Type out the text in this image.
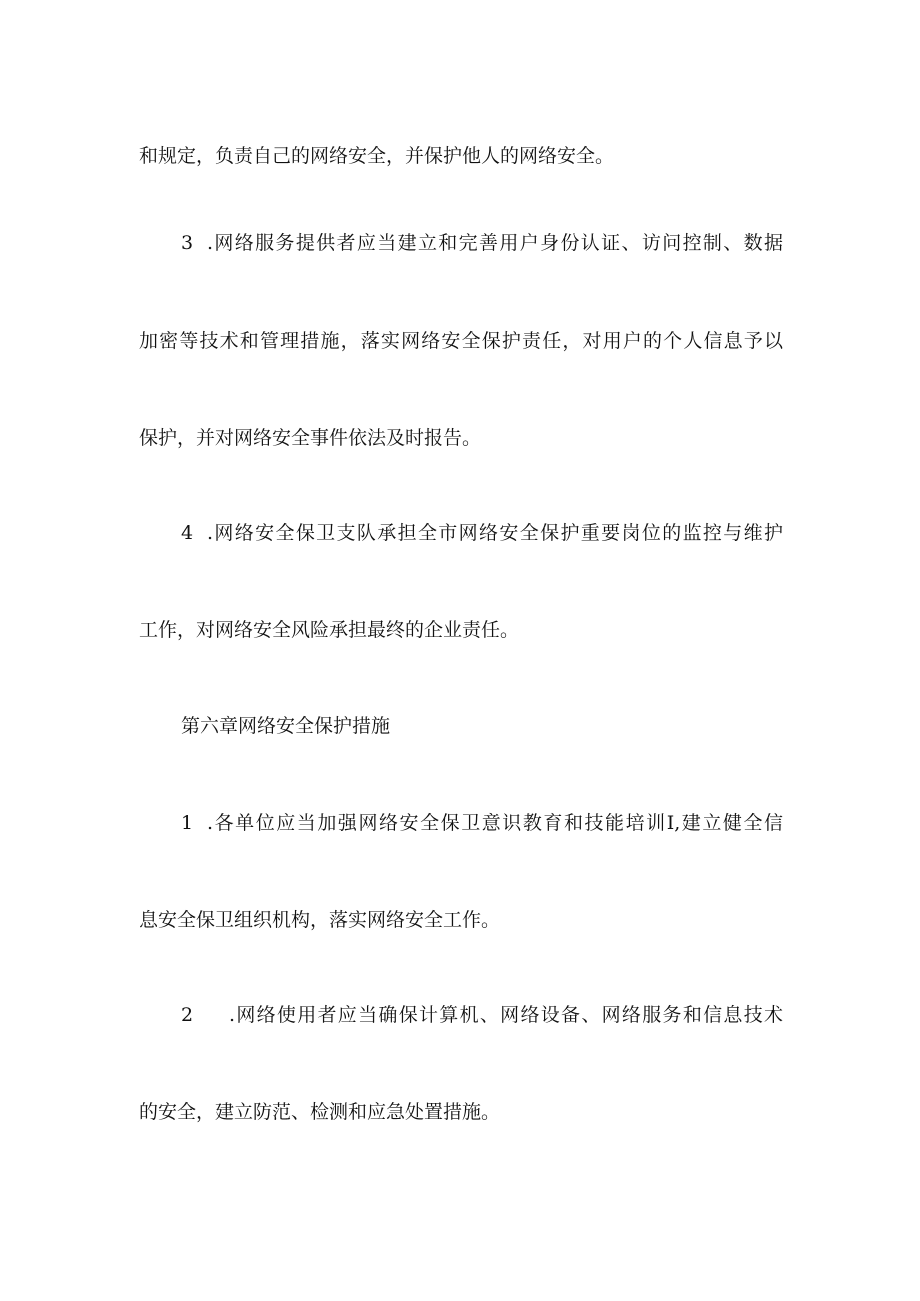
和规定，负责自己的网络安全，并保护他人的网络安全。
3 .网络服务提供者应当建立和完善用户身份认证、访问控制、数据
加密等技术和管理措施，落实网络安全保护责任，对用户的个人信息予以
保护，并对网络安全事件依法及时报告。
4 .网络安全保卫支队承担全市网络安全保护重要岗位的监控与维护
工作，对网络安全风险承担最终的企业责任。
第六章网络安全保护措施
1 .各单位应当加强网络安全保卫意识教育和技能培训I,建立健全信
息安全保卫组织机构，落实网络安全工作。
2 .网络使用者应当确保计算机、网络设备、网络服务和信息技术
的安全，建立防范、检测和应急处置措施。
